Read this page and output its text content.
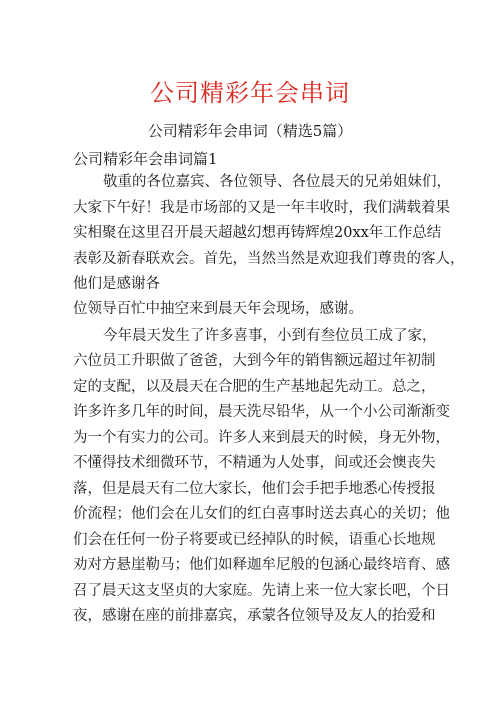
公司精彩年会串词
公司精彩年会串词（精选5篇）
公司精彩年会串词篇1
敬重的各位嘉宾、各位领导、各位晨天的兄弟姐妹们，
大家下午好！我是市场部的又是一年丰收时，我们满载着果
实相聚在这里召开晨天超越幻想再铸辉煌20xx年工作总结
表彰及新春联欢会。首先，当然当然是欢迎我们尊贵的客人，
他们是感谢各
位领导百忙中抽空来到晨天年会现场，感谢。
今年晨天发生了许多喜事，小到有叁位员工成了家，
六位员工升职做了爸爸，大到今年的销售额远超过年初制
定的支配，以及晨天在合肥的生产基地起先动工。总之，
许多许多几年的时间，晨天洗尽铅华，从一个小公司渐渐变
为一个有实力的公司。许多人来到晨天的时候，身无外物，
不懂得技术细微环节，不精通为人处事，间或还会懊丧失
落，但是晨天有二位大家长，他们会手把手地悉心传授报
价流程；他们会在儿女们的红白喜事时送去真心的关切；他
们会在任何一份子将要或已经掉队的时候，语重心长地规
劝对方悬崖勒马；他们如释迦牟尼般的包涵心最终培育、感
召了晨天这支坚贞的大家庭。先请上来一位大家长吧，个日
夜，感谢在座的前排嘉宾，承蒙各位领导及友人的抬爱和
